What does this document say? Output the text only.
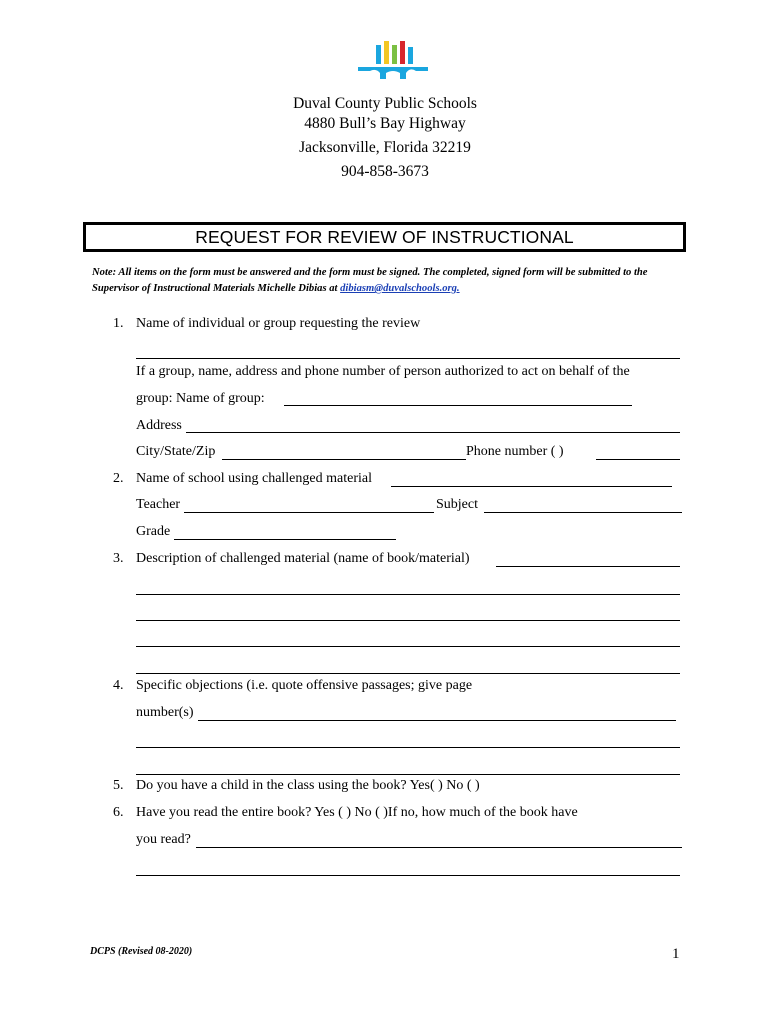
Duval County Public Schools
4880 Bull’s Bay Highway
Jacksonville, Florida 32219
904-858-3673
REQUEST FOR REVIEW OF INSTRUCTIONAL
Note: All items on the form must be answered and the form must be signed. The completed, signed form will be submitted to the Supervisor of Instructional Materials Michelle Dibias at dibiasm@duvalschools.org.
1. Name of individual or group requesting the review
If a group, name, address and phone number of person authorized to act on behalf of the
group: Name of group:
Address
City/State/Zip	Phone number ( )
2. Name of school using challenged material
Teacher	Subject
Grade
3. Description of challenged material (name of book/material)
4. Specific objections (i.e. quote offensive passages; give page
number(s)
5. Do you have a child in the class using the book? Yes( ) No ( )
6. Have you read the entire book? Yes ( ) No ( )If no, how much of the book have
you read?
DCPS (Revised 08-2020)	1
